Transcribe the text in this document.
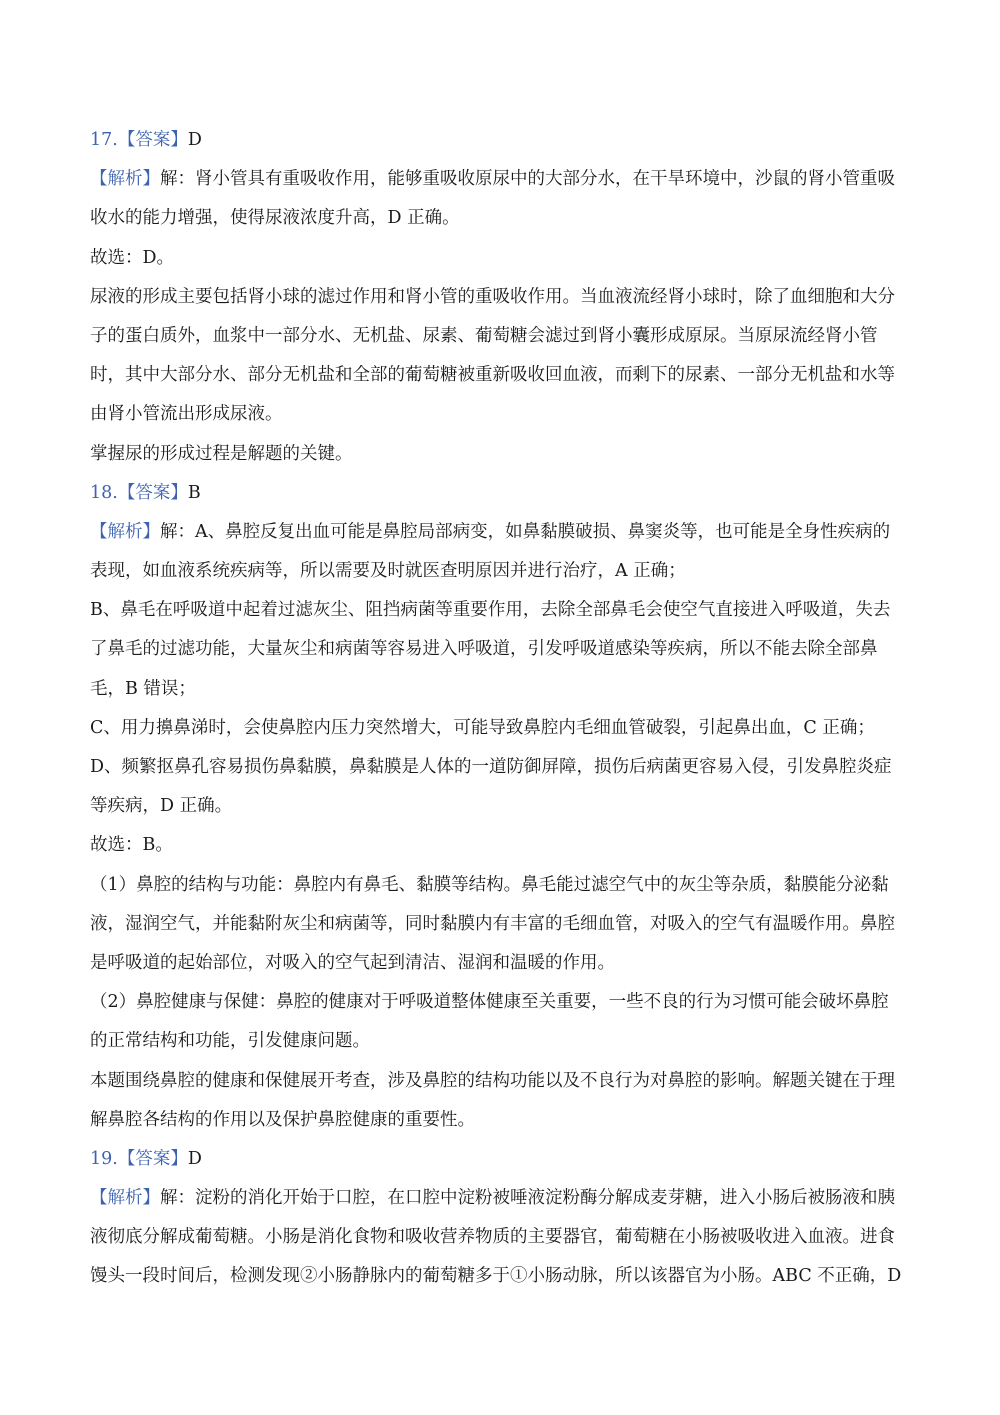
17.【答案】D
【解析】解：肾小管具有重吸收作用，能够重吸收原尿中的大部分水，在干旱环境中，沙鼠的肾小管重吸
收水的能力增强，使得尿液浓度升高，D 正确。
故选：D。
尿液的形成主要包括肾小球的滤过作用和肾小管的重吸收作用。当血液流经肾小球时，除了血细胞和大分
子的蛋白质外，血浆中一部分水、无机盐、尿素、葡萄糖会滤过到肾小囊形成原尿。当原尿流经肾小管
时，其中大部分水、部分无机盐和全部的葡萄糖被重新吸收回血液，而剩下的尿素、一部分无机盐和水等
由肾小管流出形成尿液。
掌握尿的形成过程是解题的关键。
18.【答案】B
【解析】解：A、鼻腔反复出血可能是鼻腔局部病变，如鼻黏膜破损、鼻窦炎等，也可能是全身性疾病的
表现，如血液系统疾病等，所以需要及时就医查明原因并进行治疗，A 正确；
B、鼻毛在呼吸道中起着过滤灰尘、阻挡病菌等重要作用，去除全部鼻毛会使空气直接进入呼吸道，失去
了鼻毛的过滤功能，大量灰尘和病菌等容易进入呼吸道，引发呼吸道感染等疾病，所以不能去除全部鼻
毛，B 错误；
C、用力擤鼻涕时，会使鼻腔内压力突然增大，可能导致鼻腔内毛细血管破裂，引起鼻出血，C 正确；
D、频繁抠鼻孔容易损伤鼻黏膜，鼻黏膜是人体的一道防御屏障，损伤后病菌更容易入侵，引发鼻腔炎症
等疾病，D 正确。
故选：B。
（1）鼻腔的结构与功能：鼻腔内有鼻毛、黏膜等结构。鼻毛能过滤空气中的灰尘等杂质，黏膜能分泌黏
液，湿润空气，并能黏附灰尘和病菌等，同时黏膜内有丰富的毛细血管，对吸入的空气有温暖作用。鼻腔
是呼吸道的起始部位，对吸入的空气起到清洁、湿润和温暖的作用。
（2）鼻腔健康与保健：鼻腔的健康对于呼吸道整体健康至关重要，一些不良的行为习惯可能会破坏鼻腔
的正常结构和功能，引发健康问题。
本题围绕鼻腔的健康和保健展开考查，涉及鼻腔的结构功能以及不良行为对鼻腔的影响。解题关键在于理
解鼻腔各结构的作用以及保护鼻腔健康的重要性。
19.【答案】D
【解析】解：淀粉的消化开始于口腔，在口腔中淀粉被唾液淀粉酶分解成麦芽糖，进入小肠后被肠液和胰
液彻底分解成葡萄糖。小肠是消化食物和吸收营养物质的主要器官，葡萄糖在小肠被吸收进入血液。进食
馒头一段时间后，检测发现②小肠静脉内的葡萄糖多于①小肠动脉，所以该器官为小肠。ABC 不正确，D
